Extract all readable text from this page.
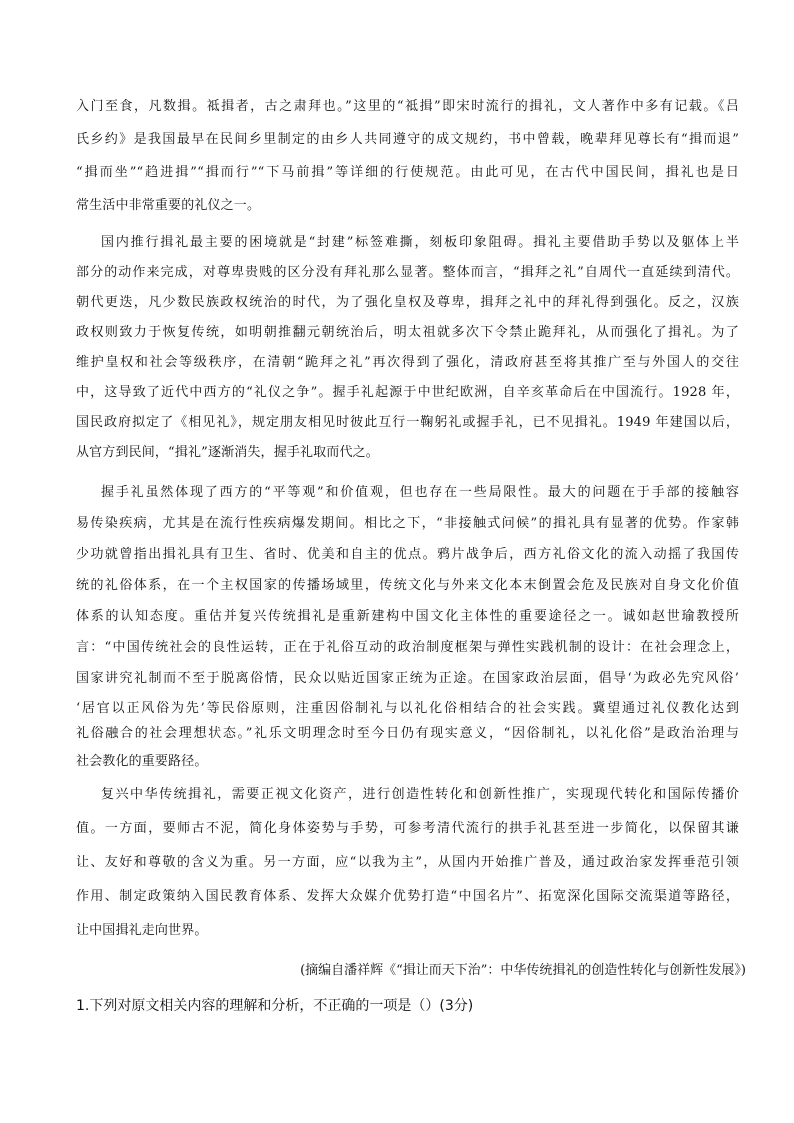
入门至食，凡数揖。祗揖者，古之肃拜也。”这里的“祗揖”即宋时流行的揖礼，文人著作中多有记载。《吕
氏乡约》是我国最早在民间乡里制定的由乡人共同遵守的成文规约，书中曾载，晚辈拜见尊长有“揖而退”
“揖而坐”“趋进揖”“揖而行”“下马前揖”等详细的行使规范。由此可见，在古代中国民间，揖礼也是日
常生活中非常重要的礼仪之一。
国内推行揖礼最主要的困境就是“封建”标签难撕，刻板印象阻碍。揖礼主要借助手势以及躯体上半
部分的动作来完成，对尊卑贵贱的区分没有拜礼那么显著。整体而言，“揖拜之礼”自周代一直延续到清代。
朝代更迭，凡少数民族政权统治的时代，为了强化皇权及尊卑，揖拜之礼中的拜礼得到强化。反之，汉族
政权则致力于恢复传统，如明朝推翻元朝统治后，明太祖就多次下令禁止跪拜礼，从而强化了揖礼。为了
维护皇权和社会等级秩序，在清朝“跪拜之礼”再次得到了强化，清政府甚至将其推广至与外国人的交往
中，这导致了近代中西方的“礼仪之争”。握手礼起源于中世纪欧洲，自辛亥革命后在中国流行。1928 年，
国民政府拟定了《相见礼》，规定朋友相见时彼此互行一鞠躬礼或握手礼，已不见揖礼。1949 年建国以后，
从官方到民间，“揖礼”逐渐消失，握手礼取而代之。
握手礼虽然体现了西方的“平等观”和价值观，但也存在一些局限性。最大的问题在于手部的接触容
易传染疾病，尤其是在流行性疾病爆发期间。相比之下，“非接触式问候”的揖礼具有显著的优势。作家韩
少功就曾指出揖礼具有卫生、省时、优美和自主的优点。鸦片战争后，西方礼俗文化的流入动摇了我国传
统的礼俗体系，在一个主权国家的传播场域里，传统文化与外来文化本末倒置会危及民族对自身文化价值
体系的认知态度。重估并复兴传统揖礼是重新建构中国文化主体性的重要途径之一。诚如赵世瑜教授所
言：“中国传统社会的良性运转，正在于礼俗互动的政治制度框架与弹性实践机制的设计：在社会理念上，
国家讲究礼制而不至于脱离俗情，民众以贴近国家正统为正途。在国家政治层面，倡导‘为政必先究风俗’
‘居官以正风俗为先’等民俗原则，注重因俗制礼与以礼化俗相结合的社会实践。冀望通过礼仪教化达到
礼俗融合的社会理想状态。”礼乐文明理念时至今日仍有现实意义，“因俗制礼，以礼化俗”是政治治理与
社会教化的重要路径。
复兴中华传统揖礼，需要正视文化资产，进行创造性转化和创新性推广，实现现代转化和国际传播价
值。一方面，要师古不泥，简化身体姿势与手势，可参考清代流行的拱手礼甚至进一步简化，以保留其谦
让、友好和尊敬的含义为重。另一方面，应“以我为主”，从国内开始推广普及，通过政治家发挥垂范引领
作用、制定政策纳入国民教育体系、发挥大众媒介优势打造“中国名片”、拓宽深化国际交流渠道等路径，
让中国揖礼走向世界。
(摘编自潘祥辉《“揖让而天下治”：中华传统揖礼的创造性转化与创新性发展》)
1.下列对原文相关内容的理解和分析，不正确的一项是（）(3分)
